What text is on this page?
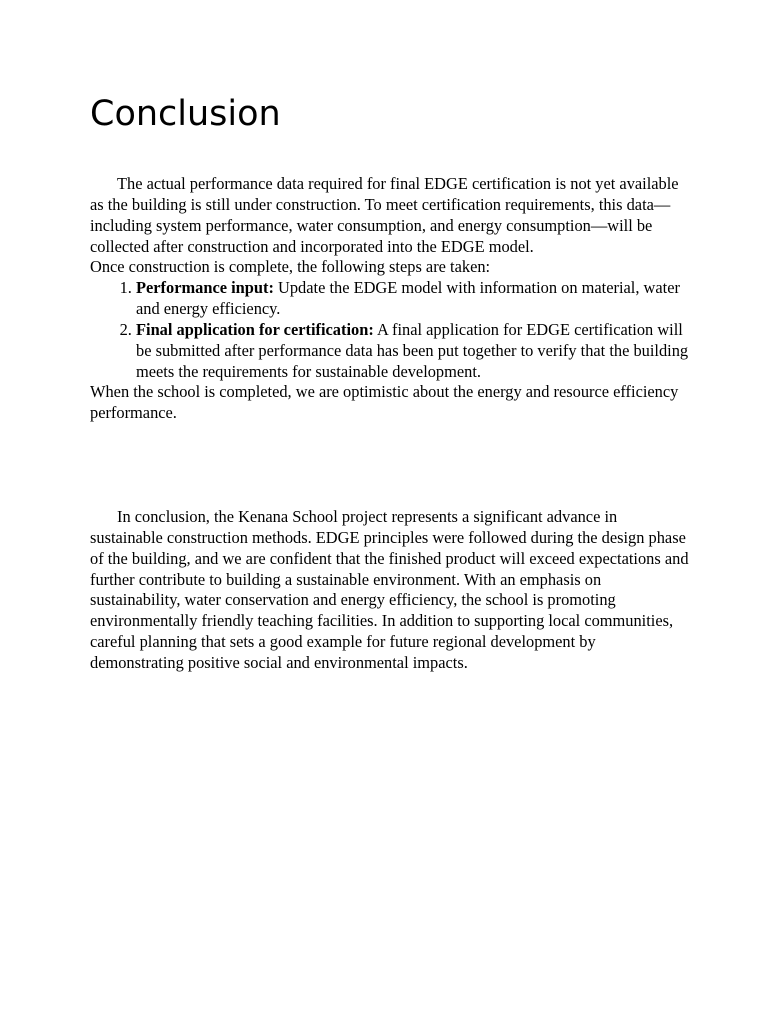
Conclusion

The actual performance data required for final EDGE certification is not yet available as the building is still under construction. To meet certification requirements, this data—including system performance, water consumption, and energy consumption—will be collected after construction and incorporated into the EDGE model.

Once construction is complete, the following steps are taken:

1. Performance input: Update the EDGE model with information on material, water and energy efficiency.
2. Final application for certification: A final application for EDGE certification will be submitted after performance data has been put together to verify that the building meets the requirements for sustainable development.

When the school is completed, we are optimistic about the energy and resource efficiency performance.

In conclusion, the Kenana School project represents a significant advance in sustainable construction methods. EDGE principles were followed during the design phase of the building, and we are confident that the finished product will exceed expectations and further contribute to building a sustainable environment. With an emphasis on sustainability, water conservation and energy efficiency, the school is promoting environmentally friendly teaching facilities. In addition to supporting local communities, careful planning that sets a good example for future regional development by demonstrating positive social and environmental impacts.
